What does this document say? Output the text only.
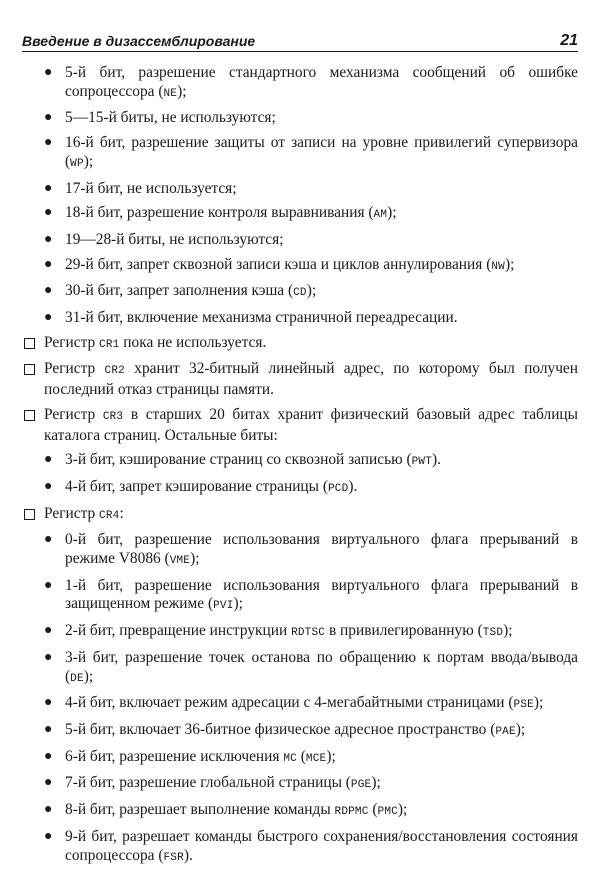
Введение в дизассемблирование	21
● 5-й бит, разрешение стандартного механизма сообщений об ошибке сопроцессора (NE);
● 5—15-й биты, не используются;
● 16-й бит, разрешение защиты от записи на уровне привилегий супервизора (WP);
● 17-й бит, не используется;
● 18-й бит, разрешение контроля выравнивания (AM);
● 19—28-й биты, не используются;
● 29-й бит, запрет сквозной записи кэша и циклов аннулирования (NW);
● 30-й бит, запрет заполнения кэша (CD);
● 31-й бит, включение механизма страничной переадресации.
Регистр CR1 пока не используется.
Регистр CR2 хранит 32-битный линейный адрес, по которому был получен последний отказ страницы памяти.
Регистр CR3 в старших 20 битах хранит физический базовый адрес таблицы каталога страниц. Остальные биты:
● 3-й бит, кэширование страниц со сквозной записью (PWT).
● 4-й бит, запрет кэширование страницы (PCD).
Регистр CR4:
● 0-й бит, разрешение использования виртуального флага прерываний в режиме V8086 (VME);
● 1-й бит, разрешение использования виртуального флага прерываний в защищенном режиме (PVI);
● 2-й бит, превращение инструкции RDTSC в привилегированную (TSD);
● 3-й бит, разрешение точек останова по обращению к портам ввода/вывода (DE);
● 4-й бит, включает режим адресации с 4-мегабайтными страницами (PSE);
● 5-й бит, включает 36-битное физическое адресное пространство (PAE);
● 6-й бит, разрешение исключения MC (MCE);
● 7-й бит, разрешение глобальной страницы (PGE);
● 8-й бит, разрешает выполнение команды RDPMC (PMC);
● 9-й бит, разрешает команды быстрого сохранения/восстановления состояния сопроцессора (FSR).
